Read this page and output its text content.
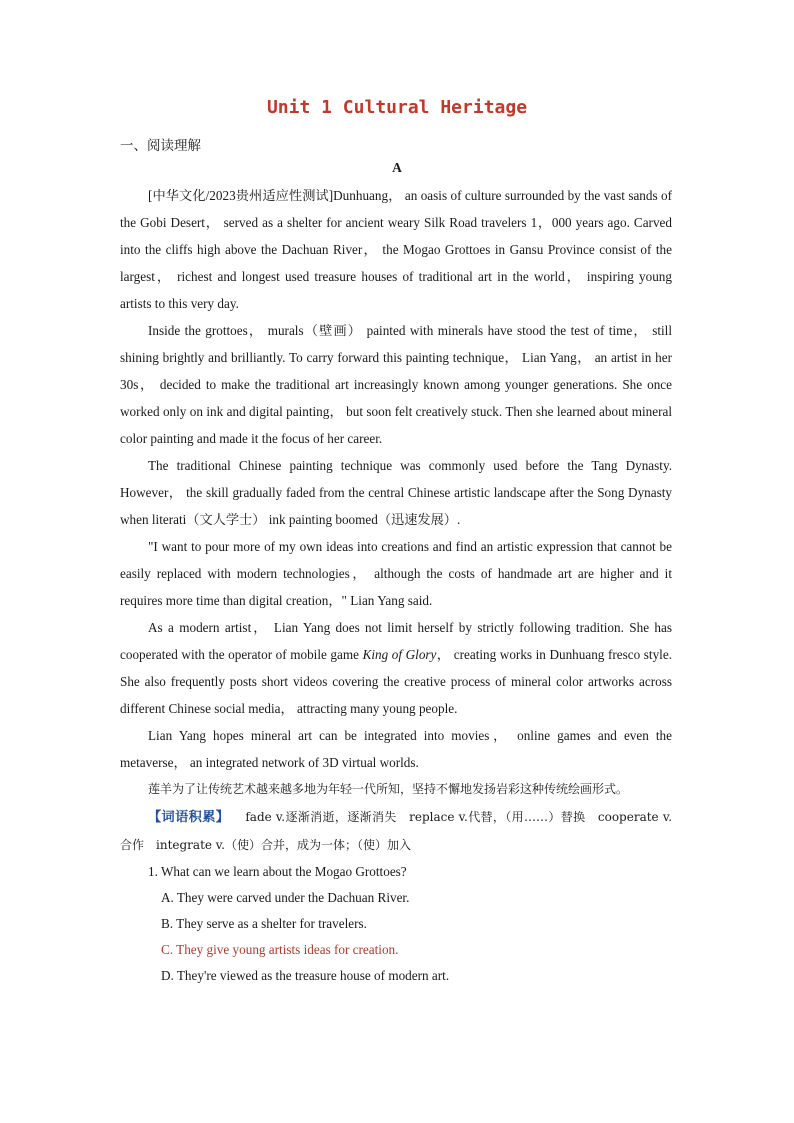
Unit 1 Cultural Heritage
一、阅读理解
A

[中华文化/2023贵州适应性测试]Dunhuang， an oasis of culture surrounded by the vast sands of the Gobi Desert， served as a shelter for ancient weary Silk Road travelers 1，000 years ago. Carved into the cliffs high above the Dachuan River， the Mogao Grottoes in Gansu Province consist of the largest， richest and longest used treasure houses of traditional art in the world， inspiring young artists to this very day.

Inside the grottoes， murals（壁画） painted with minerals have stood the test of time， still shining brightly and brilliantly. To carry forward this painting technique， Lian Yang， an artist in her 30s， decided to make the traditional art increasingly known among younger generations. She once worked only on ink and digital painting， but soon felt creatively stuck. Then she learned about mineral color painting and made it the focus of her career.

The traditional Chinese painting technique was commonly used before the Tang Dynasty. However， the skill gradually faded from the central Chinese artistic landscape after the Song Dynasty when literati（文人学士） ink painting boomed（迅速发展）.

"I want to pour more of my own ideas into creations and find an artistic expression that cannot be easily replaced with modern technologies， although the costs of handmade art are higher and it requires more time than digital creation，" Lian Yang said.

As a modern artist， Lian Yang does not limit herself by strictly following tradition. She has cooperated with the operator of mobile game King of Glory， creating works in Dunhuang fresco style. She also frequently posts short videos covering the creative process of mineral color artworks across different Chinese social media， attracting many young people.

Lian Yang hopes mineral art can be integrated into movies， online games and even the metaverse， an integrated network of 3D virtual worlds.

莲羊为了让传统艺术越来越多地为年轻一代所知，坚持不懈地发扬岩彩这种传统绘画形式。

【词语积累】 fade v.逐渐消逝，逐渐消失　replace v.代替，（用……）替换　cooperate v.合作　integrate v.（使）合并，成为一体；（使）加入

1. What can we learn about the Mogao Grottoes?

A. They were carved under the Dachuan River.

B. They serve as a shelter for travelers.

C. They give young artists ideas for creation.

D. They're viewed as the treasure house of modern art.
